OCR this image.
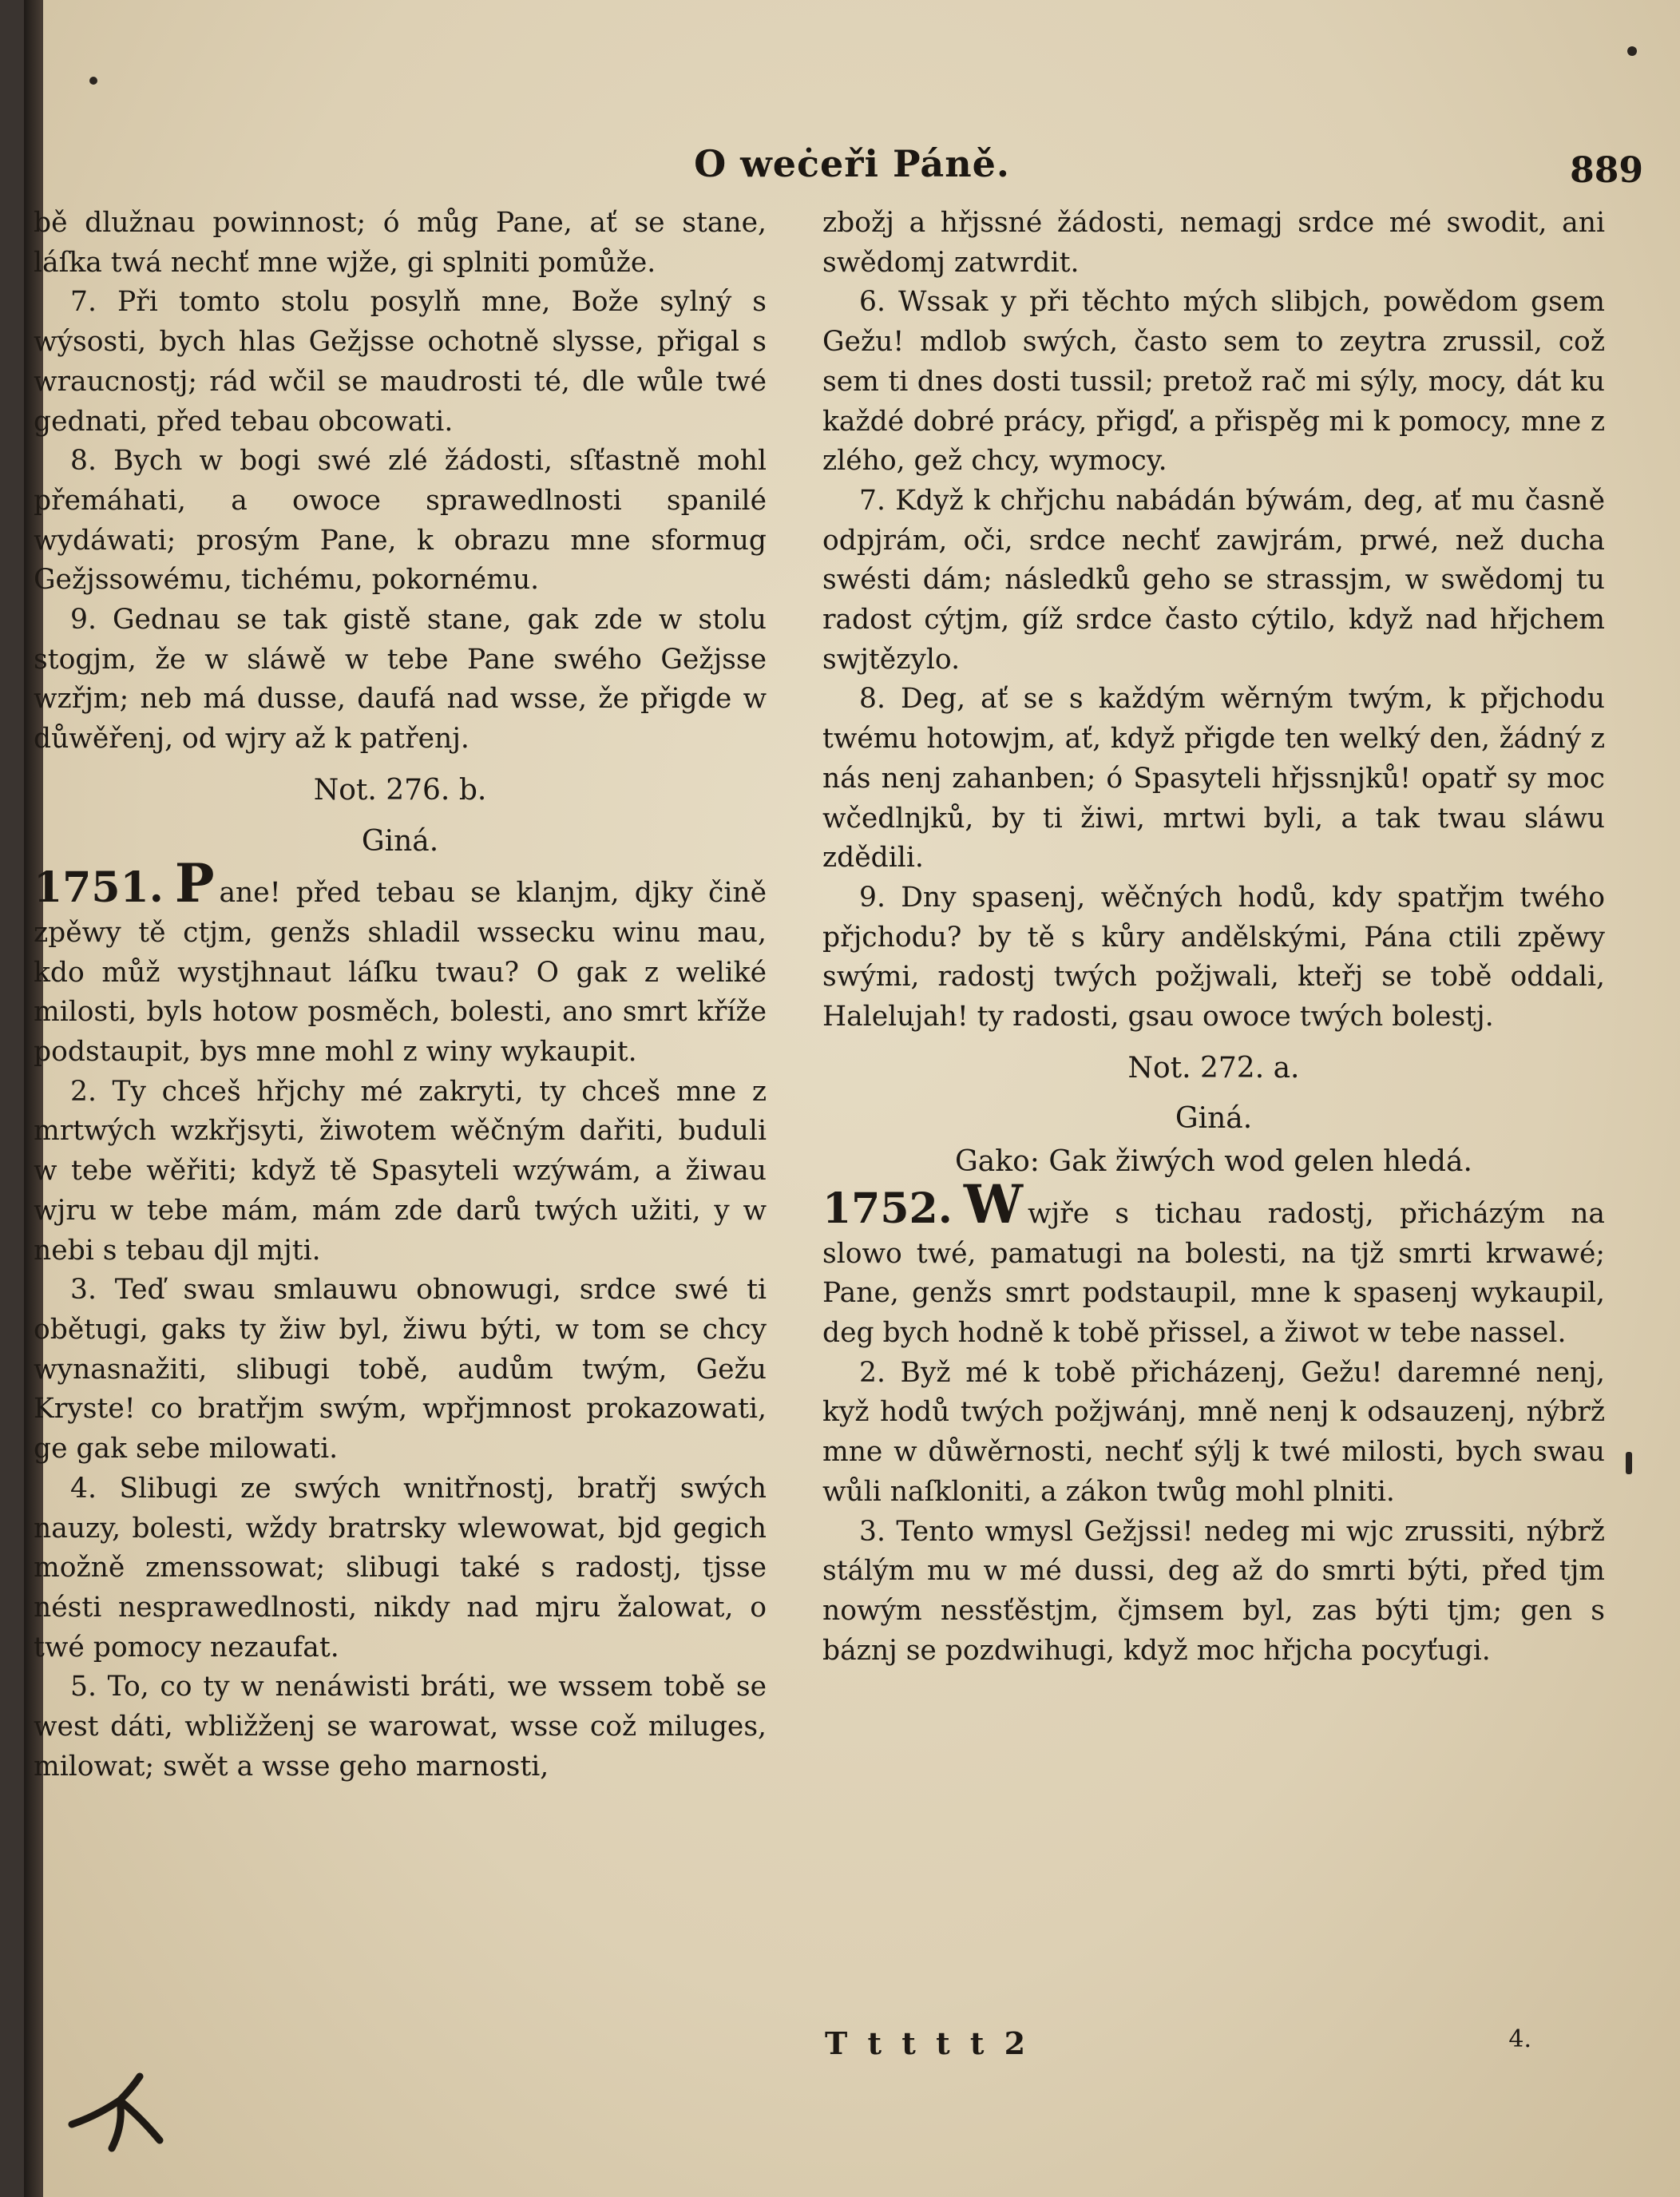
O weċeři Páně.	889

bě dlužnau powinnost; ó můg Pane, ať se stane, láſka twá nechť mne wjže, gi splniti pomůže.

7. Při tomto stolu posylň mne, Bože sylný s wýsosti, bych hlas Gežjsse ochotně slysse, přigal s wraucnostj; rád wčil se maudrosti té, dle wůle twé gednati, před tebau obcowati.

8. Bych w bogi swé zlé žádosti, sſťastně mohl přemáhati, a owoce sprawedlnosti spanilé wydáwati; prosým Pane, k obrazu mne sformug Gežjssowému, tichému, pokornému.

9. Gednau se tak gistě stane, gak zde w stolu stogjm, že w sláwě w tebe Pane swého Gežjsse wzřjm; neb má dusse, daufá nad wsse, že přigde w důwěřenj, od wjry až k patřenj.

Not. 276. b.

Giná.

1751. P ane! před tebau se klanjm, djky čině zpěwy tě ctjm, genžs shladil wssecku winu mau, kdo můž wystjhnaut láſku twau? O gak z weliké milosti, byls hotow posměch, bolesti, ano smrt kříže podstaupit, bys mne mohl z winy wykaupit.

2. Ty chceš hřjchy mé zakryti, ty chceš mne z mrtwých wzkřjsyti, žiwotem wěčným dařiti, buduli w tebe wěřiti; když tě Spasyteli wzýwám, a žiwau wjru w tebe mám, mám zde darů twých užiti, y w nebi s tebau djl mjti.

3. Teď swau smlauwu obnowugi, srdce swé ti obětugi, gaks ty žiw byl, žiwu býti, w tom se chcy wynasnažiti, slibugi tobě, audům twým, Gežu Kryste! co bratřjm swým, wpřjmnost prokazowati, ge gak sebe milowati.

4. Slibugi ze swých wnitřnostj, bratřj swých nauzy, bolesti, wždy bratrsky wlewowat, bjd gegich možně zmenssowat; slibugi také s radostj, tjsse nésti nesprawedlnosti, nikdy nad mjru žalowat, o twé pomocy nezaufat.

5. To, co ty w nenáwisti bráti, we wssem tobě se west dáti, wbližženj se warowat, wsse což miluges, milowat; swět a wsse geho marnosti,

zbožj a hřjssné žádosti, nemagj srdce mé swodit, ani swědomj zatwrdit.

6. Wssak y při těchto mých slibjch, powědom gsem Gežu! mdlob swých, často sem to zeytra zrussil, což sem ti dnes dosti tussil; pretož rač mi sýly, mocy, dát ku každé dobré prácy, přigď, a přispěg mi k pomocy, mne z zlého, gež chcy, wymocy.

7. Když k chřjchu nabádán býwám, deg, ať mu časně odpjrám, oči, srdce nechť zawjrám, prwé, než ducha swésti dám; následků geho se strassjm, w swědomj tu radost cýtjm, gíž srdce často cýtilo, když nad hřjchem swjtězylo.

8. Deg, ať se s každým wěrným twým, k přjchodu twému hotowjm, ať, když přigde ten welký den, žádný z nás nenj zahanben; ó Spasyteli hřjssnjků! opatř sy moc wčedlnjků, by ti žiwi, mrtwi byli, a tak twau sláwu zdědili.

9. Dny spasenj, wěčných hodů, kdy spatřjm twého přjchodu? by tě s kůry andělskými, Pána ctili zpěwy swými, radostj twých požjwali, kteřj se tobě oddali, Halelujah! ty radosti, gsau owoce twých bolestj.

Not. 272. a.

Giná.

Gako: Gak žiwých wod gelen hledá.

1752. W wjře s tichau radostj, přicházým na slowo twé, pamatugi na bolesti, na tjž smrti krwawé; Pane, genžs smrt podstaupil, mne k spasenj wykaupil, deg bych hodně k tobě přissel, a žiwot w tebe nassel.

2. Byž mé k tobě přicházenj, Gežu! daremné nenj, kyž hodů twých požjwánj, mně nenj k odsauzenj, nýbrž mne w důwěrnosti, nechť sýlj k twé milosti, bych swau wůli naſkloniti, a zákon twůg mohl plniti.

3. Tento wmysl Gežjssi! nedeg mi wjc zrussiti, nýbrž stálým mu w mé dussi, deg až do smrti býti, před tjm nowým nessťěstjm, čjmsem byl, zas býti tjm; gen s báznj se pozdwihugi, když moc hřjcha pocyťugi.

T t t t t 2	4.
